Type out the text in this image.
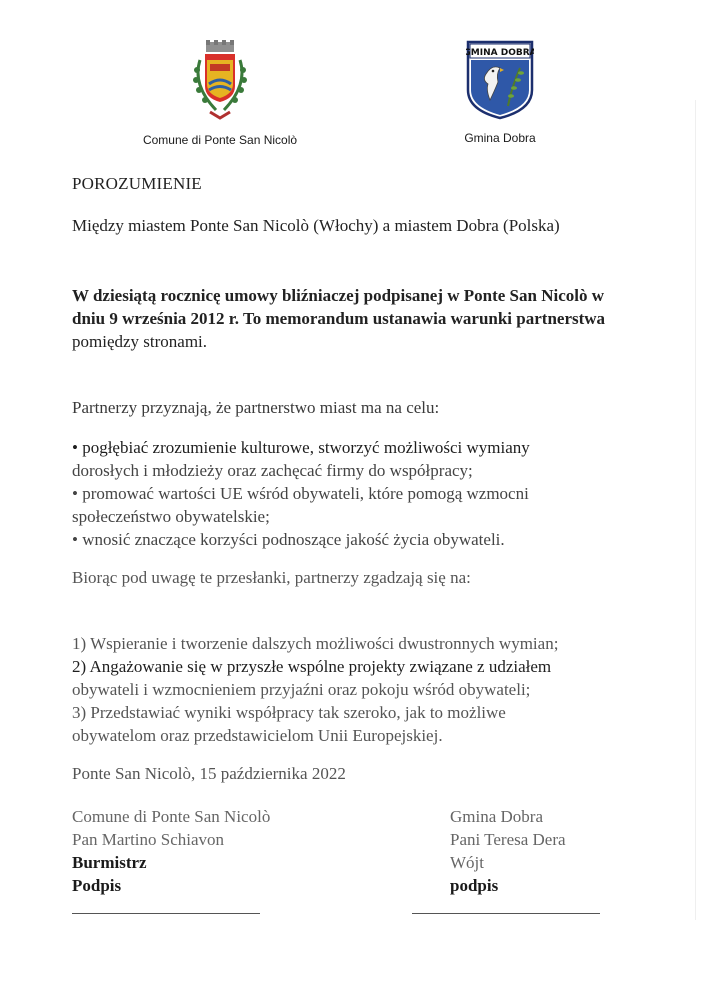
Comune di Ponte San Nicolò
GMINA DOBRA
Gmina Dobra
POROZUMIENIE
Między miastem Ponte San Nicolò (Włochy) a miastem Dobra (Polska)
W dziesiątą rocznicę umowy bliźniaczej podpisanej w Ponte San Nicolò w
dniu 9 września 2012 r. To memorandum ustanawia warunki partnerstwa
pomiędzy stronami.
Partnerzy przyznają, że partnerstwo miast ma na celu:
• pogłębiać zrozumienie kulturowe, stworzyć możliwości wymiany
dorosłych i młodzieży oraz zachęcać firmy do współpracy;
• promować wartości UE wśród obywateli, które pomogą wzmocni
społeczeństwo obywatelskie;
• wnosić znaczące korzyści podnoszące jakość życia obywateli.
Biorąc pod uwagę te przesłanki, partnerzy zgadzają się na:
1) Wspieranie i tworzenie dalszych możliwości dwustronnych wymian;
2) Angażowanie się w przyszłe wspólne projekty związane z udziałem
obywateli i wzmocnieniem przyjaźni oraz pokoju wśród obywateli;
3) Przedstawiać wyniki współpracy tak szeroko, jak to możliwe
obywatelom oraz przedstawicielom Unii Europejskiej.
Ponte San Nicolò, 15 października 2022
Comune di Ponte San Nicolò
Pan Martino Schiavon
Burmistrz
Podpis
Gmina Dobra
Pani Teresa Dera
Wójt
podpis
